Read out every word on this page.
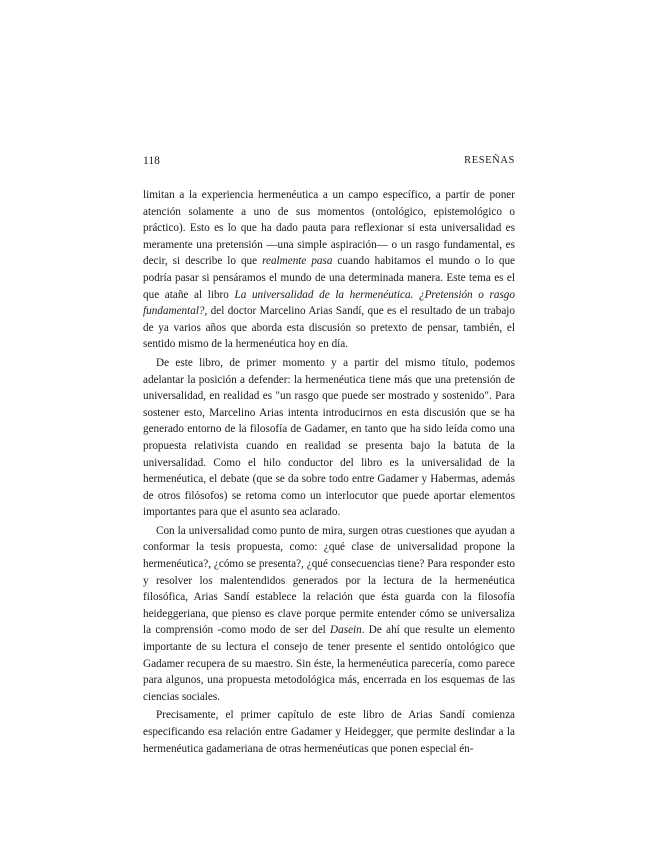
118	RESEÑAS

limitan a la experiencia hermenéutica a un campo específico, a partir de poner atención solamente a uno de sus momentos (ontológico, epistemológico o práctico). Esto es lo que ha dado pauta para reflexionar si esta universalidad es meramente una pretensión —una simple aspiración— o un rasgo fundamental, es decir, si describe lo que realmente pasa cuando habitamos el mundo o lo que podría pasar si pensáramos el mundo de una determinada manera. Este tema es el que atañe al libro La universalidad de la hermenéutica. ¿Pretensión o rasgo fundamental?, del doctor Marcelino Arias Sandí, que es el resultado de un trabajo de ya varios años que aborda esta discusión so pretexto de pensar, también, el sentido mismo de la hermenéutica hoy en día.

De este libro, de primer momento y a partir del mismo título, podemos adelantar la posición a defender: la hermenéutica tiene más que una pretensión de universalidad, en realidad es "un rasgo que puede ser mostrado y sostenido". Para sostener esto, Marcelino Arias intenta introducirnos en esta discusión que se ha generado entorno de la filosofía de Gadamer, en tanto que ha sido leída como una propuesta relativista cuando en realidad se presenta bajo la batuta de la universalidad. Como el hilo conductor del libro es la universalidad de la hermenéutica, el debate (que se da sobre todo entre Gadamer y Habermas, además de otros filósofos) se retoma como un interlocutor que puede aportar elementos importantes para que el asunto sea aclarado.

Con la universalidad como punto de mira, surgen otras cuestiones que ayudan a conformar la tesis propuesta, como: ¿qué clase de universalidad propone la hermenéutica?, ¿cómo se presenta?, ¿qué consecuencias tiene? Para responder esto y resolver los malentendidos generados por la lectura de la hermenéutica filosófica, Arias Sandí establece la relación que ésta guarda con la filosofía heideggeriana, que pienso es clave porque permite entender cómo se universaliza la comprensión -como modo de ser del Dasein. De ahí que resulte un elemento importante de su lectura el consejo de tener presente el sentido ontológico que Gadamer recupera de su maestro. Sin éste, la hermenéutica parecería, como parece para algunos, una propuesta metodológica más, encerrada en los esquemas de las ciencias sociales.

Precisamente, el primer capítulo de este libro de Arias Sandí comienza especificando esa relación entre Gadamer y Heidegger, que permite deslindar a la hermenéutica gadameriana de otras hermenéuticas que ponen especial én-
